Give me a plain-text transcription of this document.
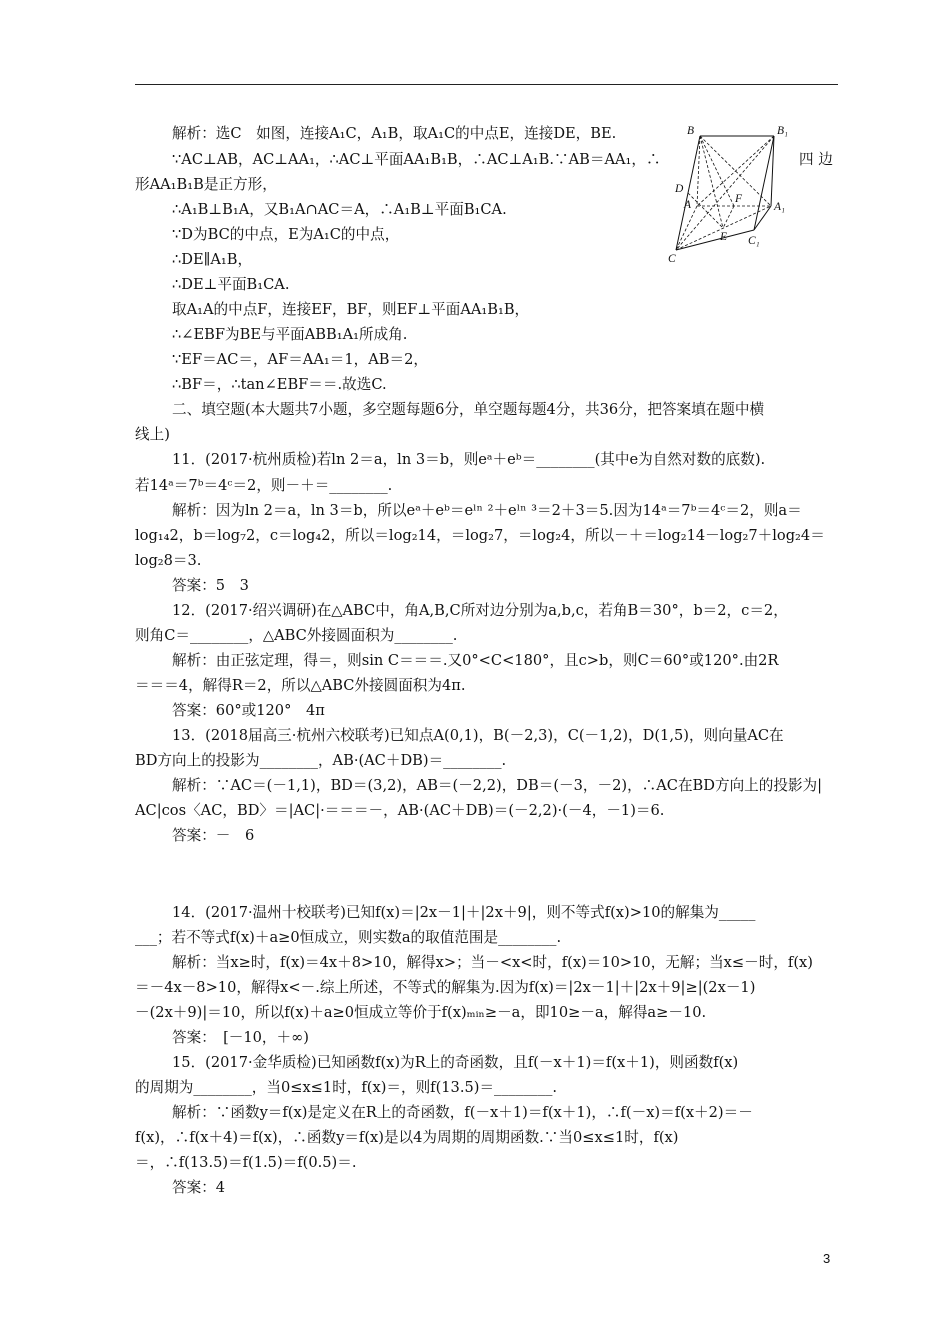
解析：选C　如图，连接A₁C，A₁B，取A₁C的中点E，连接DE，BE.
∵AC⊥AB，AC⊥AA₁，∴AC⊥平面AA₁B₁B，∴AC⊥A₁B.∵AB＝AA₁，∴	四 边
形AA₁B₁B是正方形，
∴A₁B⊥B₁A，又B₁A∩AC＝A，∴A₁B⊥平面B₁CA.
∵D为BC的中点，E为A₁C的中点，
∴DE∥A₁B，
∴DE⊥平面B₁CA.
取A₁A的中点F，连接EF，BF，则EF⊥平面AA₁B₁B，
∴∠EBF为BE与平面ABB₁A₁所成角.
∵EF＝AC＝，AF＝AA₁＝1，AB＝2，
∴BF＝，∴tan∠EBF＝＝.故选C.
二、填空题(本大题共7小题，多空题每题6分，单空题每题4分，共36分，把答案填在题中横
线上)
11．(2017·杭州质检)若ln 2＝a，ln 3＝b，则eᵃ＋eᵇ＝________(其中e为自然对数的底数).
若14ᵃ＝7ᵇ＝4ᶜ＝2，则－＋＝________.
解析：因为ln 2＝a，ln 3＝b，所以eᵃ＋eᵇ＝eˡⁿ ²＋eˡⁿ ³＝2＋3＝5.因为14ᵃ＝7ᵇ＝4ᶜ＝2，则a＝
log₁₄2，b＝log₇2，c＝log₄2，所以＝log₂14，＝log₂7，＝log₂4，所以－＋＝log₂14－log₂7＋log₂4＝
log₂8＝3.
答案：5　3
12．(2017·绍兴调研)在△ABC中，角A,B,C所对边分别为a,b,c，若角B＝30°，b＝2，c＝2，
则角C＝________，△ABC外接圆面积为________.
解析：由正弦定理，得＝，则sin C＝＝＝.又0°<C<180°，且c>b，则C＝60°或120°.由2R
＝＝＝4，解得R＝2，所以△ABC外接圆面积为4π.
答案：60°或120°　4π
13．(2018届高三·杭州六校联考)已知点A(0,1)，B(－2,3)，C(－1,2)，D(1,5)，则向量AC在
BD方向上的投影为________，AB·(AC＋DB)＝________.
解析：∵AC＝(－1,1)，BD＝(3,2)，AB＝(－2,2)，DB＝(－3，－2)，∴AC在BD方向上的投影为|
AC|cos〈AC，BD〉＝|AC|·＝＝＝－，AB·(AC＋DB)＝(－2,2)·(－4，－1)＝6.
答案：－　6
14．(2017·温州十校联考)已知f(x)＝|2x－1|＋|2x＋9|，则不等式f(x)>10的解集为_____
___；若不等式f(x)＋a≥0恒成立，则实数a的取值范围是________.
解析：当x≥时，f(x)＝4x＋8>10，解得x>；当－<x<时，f(x)＝10>10，无解；当x≤－时，f(x)
＝－4x－8>10，解得x<－.综上所述，不等式的解集为.因为f(x)＝|2x－1|＋|2x＋9|≥|(2x－1)
－(2x＋9)|＝10，所以f(x)＋a≥0恒成立等价于f(x)ₘᵢₙ≥－a，即10≥－a，解得a≥－10.
答案：　[－10，＋∞)
15．(2017·金华质检)已知函数f(x)为R上的奇函数，且f(－x＋1)＝f(x＋1)，则函数f(x)
的周期为________，当0≤x≤1时，f(x)＝，则f(13.5)＝________.
解析：∵函数y＝f(x)是定义在R上的奇函数，f(－x＋1)＝f(x＋1)，∴f(－x)＝f(x＋2)＝－
f(x)，∴f(x＋4)＝f(x)，∴函数y＝f(x)是以4为周期的周期函数.∵当0≤x≤1时，f(x)
＝，∴f(13.5)＝f(1.5)＝f(0.5)＝.
答案：4
B	B₁
D
A	F
A₁
E
C
C₁
3
